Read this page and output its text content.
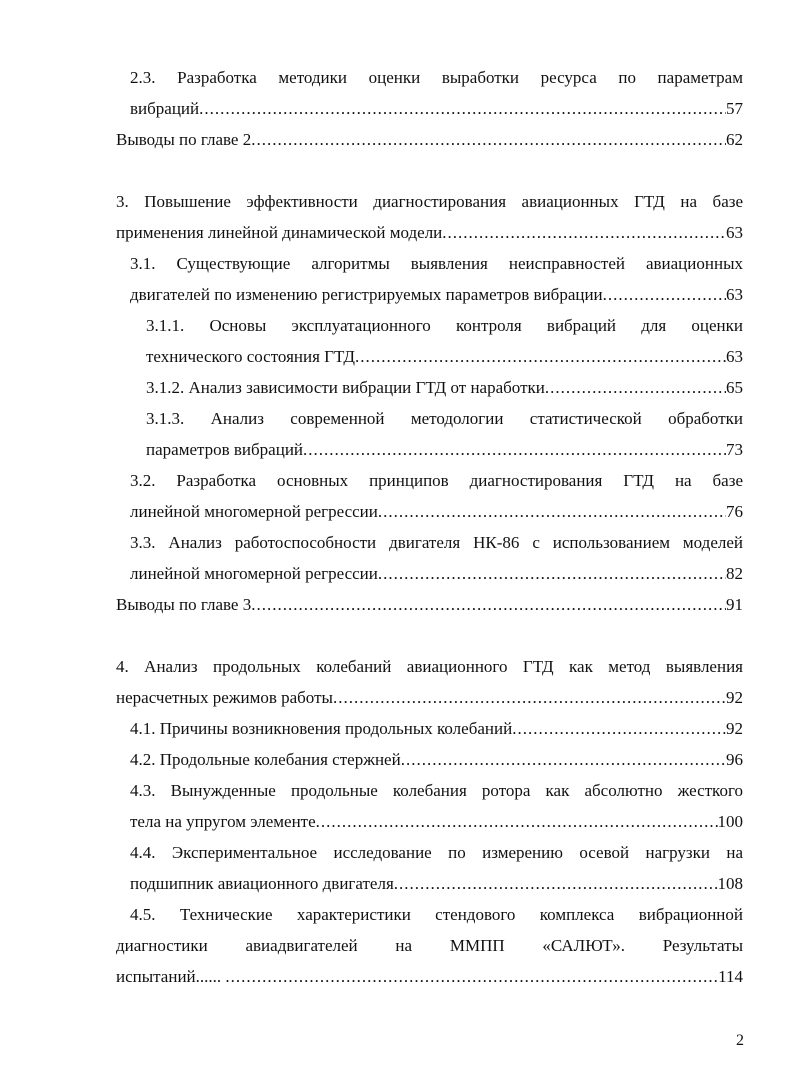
2.3. Разработка методики оценки выработки ресурса по параметрам
вибраций .....	57
Выводы по главе 2 .....	62
3. Повышение эффективности диагностирования авиационных ГТД на базе
применения линейной динамической модели .....	63
3.1. Существующие алгоритмы выявления неисправностей авиационных
двигателей по изменению регистрируемых параметров вибрации .....	63
3.1.1. Основы эксплуатационного контроля вибраций для оценки
технического состояния ГТД .....	63
3.1.2. Анализ зависимости вибрации ГТД от наработки .....	65
3.1.3. Анализ современной методологии статистической обработки
параметров вибраций .....	73
3.2. Разработка основных принципов диагностирования ГТД на базе
линейной многомерной регрессии .....	76
3.3. Анализ работоспособности двигателя НК-86 с использованием моделей
линейной многомерной регрессии .....	82
Выводы по главе 3 .....	91
4. Анализ продольных колебаний авиационного ГТД как метод выявления
нерасчетных режимов работы .....	92
4.1. Причины возникновения продольных колебаний .....	92
4.2. Продольные колебания стержней .....	96
4.3. Вынужденные продольные колебания ротора как абсолютно жесткого
тела на упругом элементе .....	100
4.4. Экспериментальное исследование по измерению осевой нагрузки на
подшипник авиационного двигателя .....	108
4.5. Технические характеристики стендового комплекса вибрационной
диагностики авиадвигателей на ММПП «САЛЮТ». Результаты
испытаний...... .....	114
2
